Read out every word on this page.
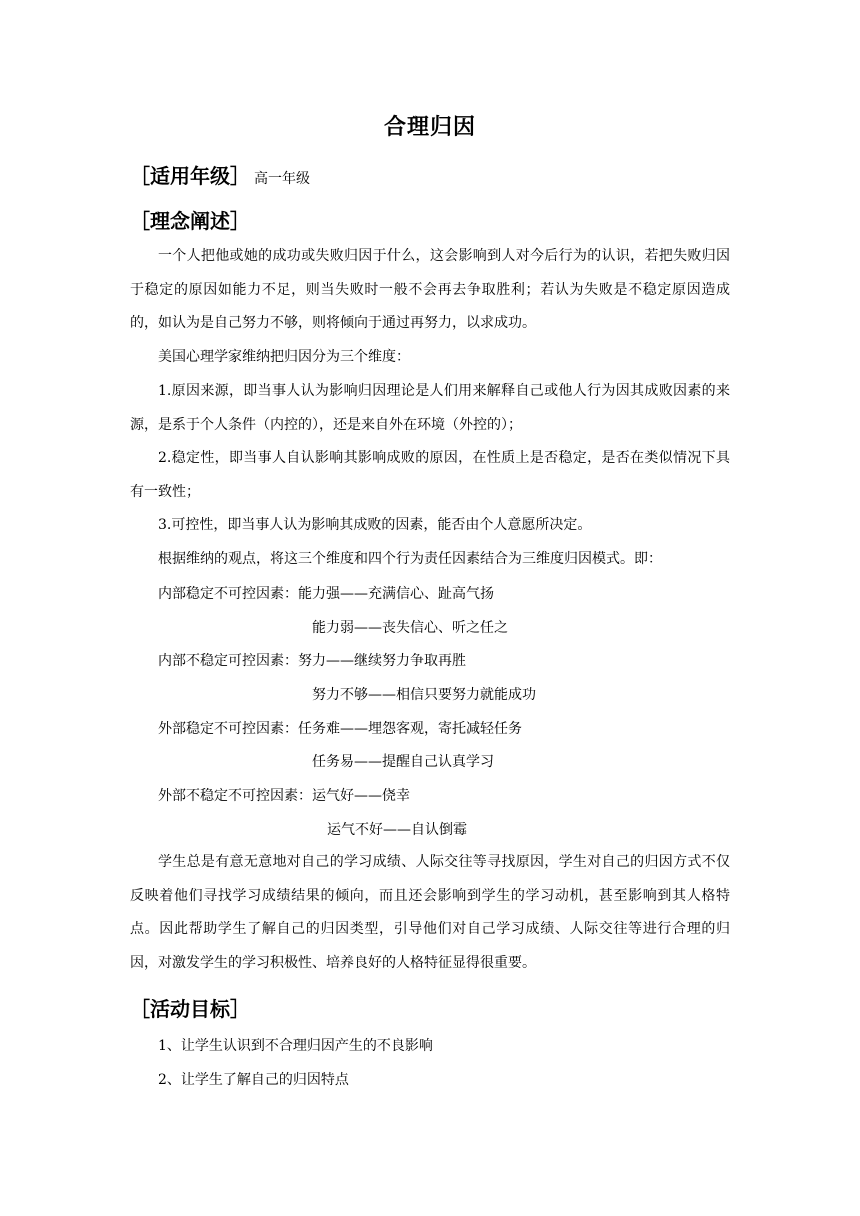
合理归因
［适用年级］ 高一年级
［理念阐述］

一个人把他或她的成功或失败归因于什么，这会影响到人对今后行为的认识，若把失败归因于稳定的原因如能力不足，则当失败时一般不会再去争取胜利；若认为失败是不稳定原因造成的，如认为是自己努力不够，则将倾向于通过再努力，以求成功。

美国心理学家维纳把归因分为三个维度：

1.原因来源，即当事人认为影响归因理论是人们用来解释自己或他人行为因其成败因素的来源，是系于个人条件（内控的），还是来自外在环境（外控的）；

2.稳定性，即当事人自认影响其影响成败的原因，在性质上是否稳定，是否在类似情况下具有一致性；

3.可控性，即当事人认为影响其成败的因素，能否由个人意愿所决定。

根据维纳的观点，将这三个维度和四个行为责任因素结合为三维度归因模式。即：

内部稳定不可控因素：能力强——充满信心、趾高气扬
能力弱——丧失信心、听之任之
内部不稳定可控因素：努力——继续努力争取再胜
努力不够——相信只要努力就能成功
外部稳定不可控因素：任务难——埋怨客观，寄托减轻任务
任务易——提醒自己认真学习
外部不稳定不可控因素：运气好——侥幸
运气不好——自认倒霉

学生总是有意无意地对自己的学习成绩、人际交往等寻找原因，学生对自己的归因方式不仅反映着他们寻找学习成绩结果的倾向，而且还会影响到学生的学习动机，甚至影响到其人格特点。因此帮助学生了解自己的归因类型，引导他们对自己学习成绩、人际交往等进行合理的归因，对激发学生的学习积极性、培养良好的人格特征显得很重要。

［活动目标］
1、让学生认识到不合理归因产生的不良影响
2、让学生了解自己的归因特点
